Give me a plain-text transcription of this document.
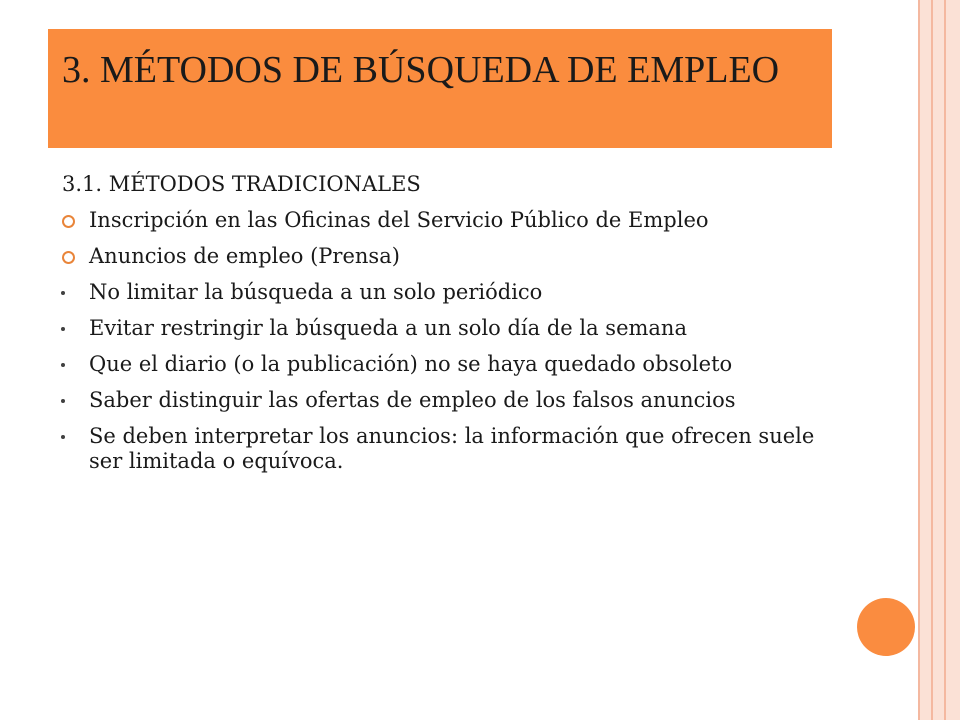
3. MÉTODOS DE BÚSQUEDA DE EMPLEO

3.1. MÉTODOS TRADICIONALES

Inscripción en las Oficinas del Servicio Público de Empleo
Anuncios de empleo (Prensa)
No limitar la búsqueda a un solo periódico
Evitar restringir la búsqueda a un solo día de la semana
Que el diario (o la publicación) no se haya quedado obsoleto
Saber distinguir las ofertas de empleo de los falsos anuncios
Se deben interpretar los anuncios: la información que ofrecen suele ser limitada o equívoca.
